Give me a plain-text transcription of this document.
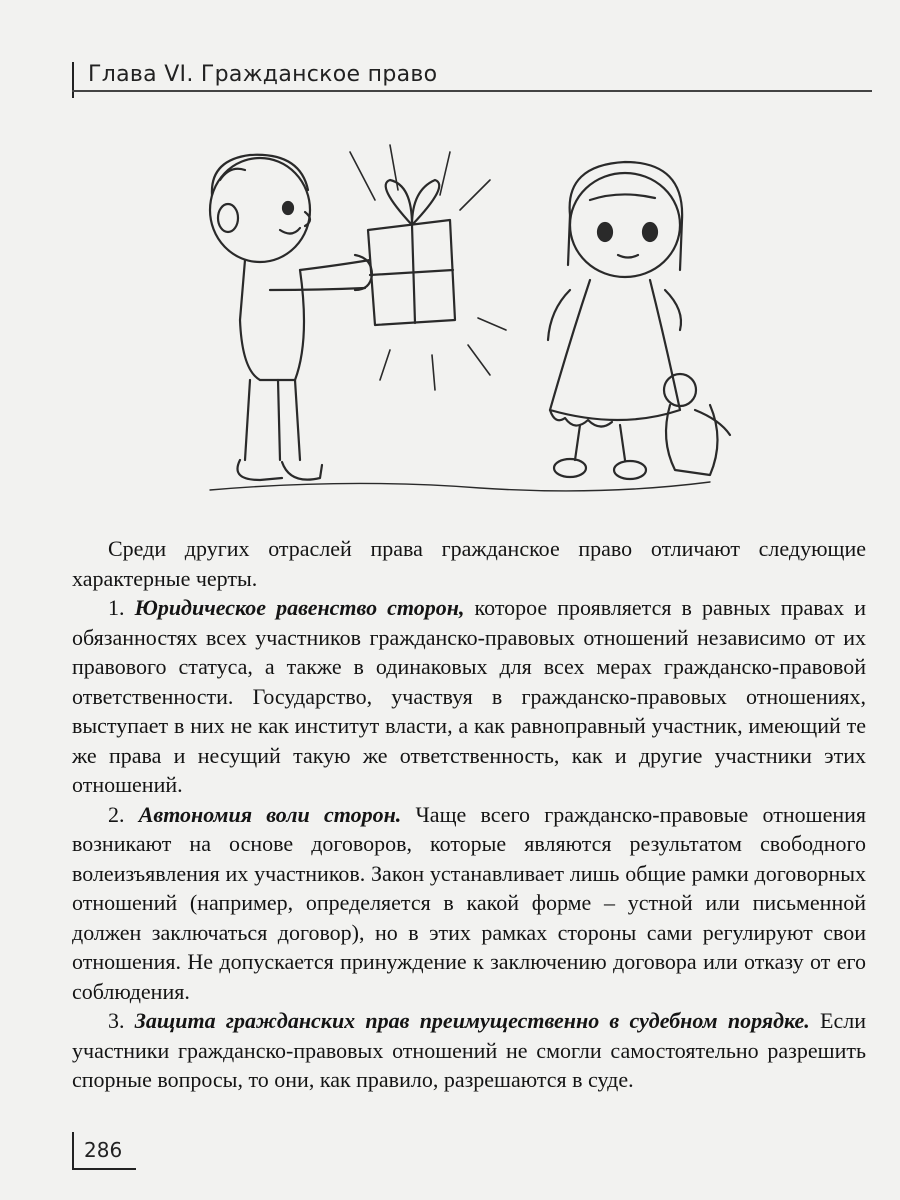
Глава VI. Гражданское право

Среди других отраслей права гражданское право отличают следующие характерные черты.

1. Юридическое равенство сторон, которое проявляется в равных правах и обязанностях всех участников гражданско-правовых отношений независимо от их правового статуса, а также в одинаковых для всех мерах гражданско-правовой ответственности. Государство, участвуя в гражданско-правовых отношениях, выступает в них не как институт власти, а как равноправный участник, имеющий те же права и несущий такую же ответственность, как и другие участники этих отношений.

2. Автономия воли сторон. Чаще всего гражданско-правовые отношения возникают на основе договоров, которые являются результатом свободного волеизъявления их участников. Закон устанавливает лишь общие рамки договорных отношений (например, определяется в какой форме – устной или письменной должен заключаться договор), но в этих рамках стороны сами регулируют свои отношения. Не допускается принуждение к заключению договора или отказу от его соблюдения.

3. Защита гражданских прав преимущественно в судебном порядке. Если участники гражданско-правовых отношений не смогли самостоятельно разрешить спорные вопросы, то они, как правило, разрешаются в суде.

286
